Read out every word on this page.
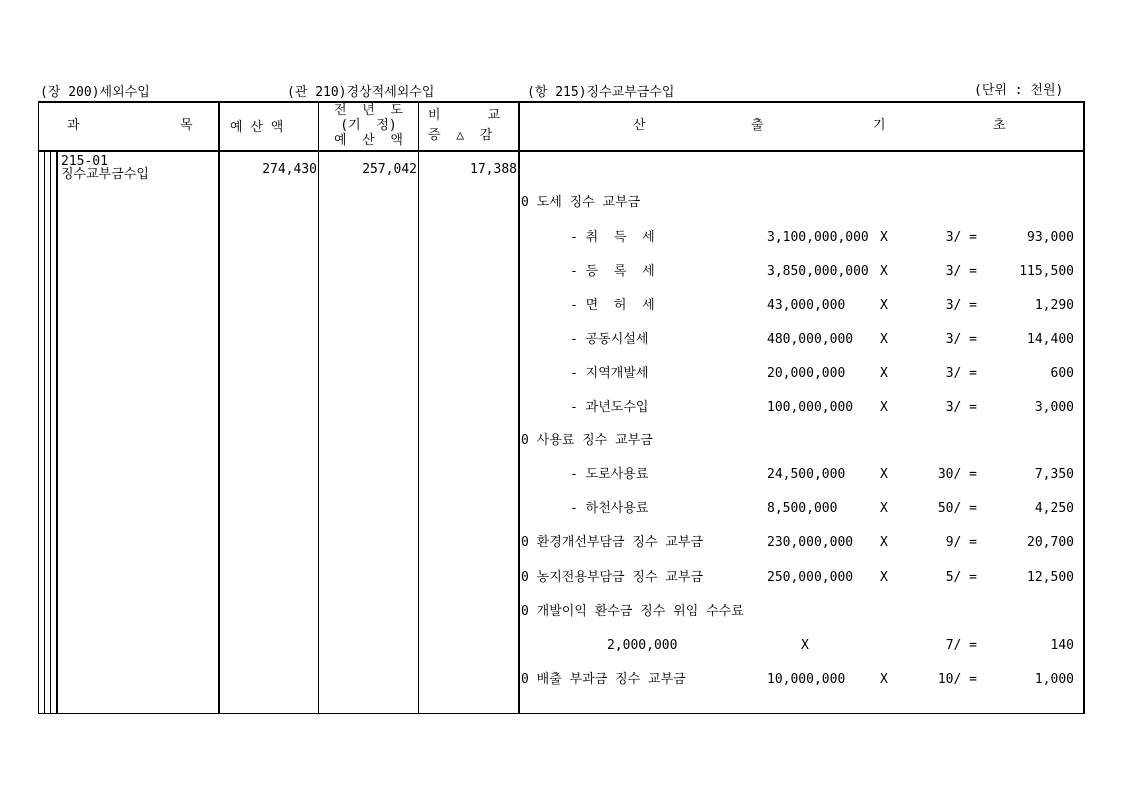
(장 200)세외수입	(관 210)경상적세외수입	(항 215)징수교부금수입	(단위 : 천원)
과	목	예 산 액
전  년  도
(기  정)
예  산  액
비      교
증  △  감
산	출	기	초
215-01
징수교부금수입	274,430	257,042	17,388
0 도세 징수 교부금
- 취  득  세	3,100,000,000 X	3/ =	93,000
- 등  록  세	3,850,000,000 X	3/ =	115,500
- 면  허  세	43,000,000	X	3/ =	1,290
- 공동시설세	480,000,000 X	3/ =	14,400
- 지역개발세	20,000,000	X	3/ =	600
- 과년도수입	100,000,000 X	3/ =	3,000
0 사용료 징수 교부금
- 도로사용료	24,500,000	X	30/ =	7,350
- 하천사용료	8,500,000	X	50/ =	4,250
0 환경개선부담금 징수 교부금	230,000,000 X	9/ =	20,700
0 농지전용부담금 징수 교부금	250,000,000 X	5/ =	12,500
0 개발이익 환수금 징수 위임 수수료
2,000,000	X	7/ =	140
0 배출 부과금 징수 교부금	10,000,000	X	10/ =	1,000
